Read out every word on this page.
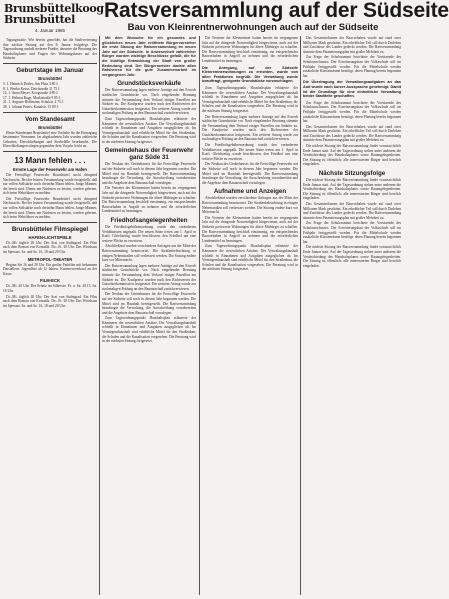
Brunsbüttelkoog
Brunsbüttel
4. Januar 1965
Ratsversammlung auf der Südseite
Bau von Kleinrentnerwohnungen auch auf der Südseite

Tagungsstätte. Wie bereits gemeldet, hat die Stadtvertretung ihre nächste Sitzung auf den 8. Januar festgelegt. Die Tagesordnung umfaßt mehrere Punkte, darunter die Beratung des Haushaltsplanes und Fragen des Wohnungsbaues auf der Südseite.

Geburtstage im Januar
Brunsbüttel
5. 1. Heinrich Detlev, Am Platz 3 80 J.
8. 1. Bertha Kruse, Deichstraße 11 75 J.
12. 1. Anna Meyer, Koogstraße 4 80 J.
17. 1. Helmut Ruge, Marktstraße 9 85 J.
21. 1. Auguste Hoffmann, Schulstr. 2 75 J.
28. 1. Johann Peters, Kanalstr. 15 80 J.
Vom Standesamt
Brunsbüttel

Heute Standesamt Brunsbüttel eine Vorliebe für die Eintragung bestimmter Vornamen. Im abgelaufenen Jahr wurden zahlreiche Geburten, Eheschließungen und Sterbefälle beurkundet. Die Eheschließungen stiegen gegenüber dem Vorjahr leicht an.

13 Mann fehlen . . .
Ernste Lage der Feuerwehr am Hafen

Die Freiwillige Feuerwehr Brunsbüttel sucht dringend Nachwuchs. Bei der letzten Versammlung wurde festgestellt, daß zur vollen Sollstärke noch dreizehn Mann fehlen. Junge Männer, die bereit sind, Dienst am Nächsten zu leisten, werden gebeten, sich beim Wehrführer zu melden.

Die Freiwillige Feuerwehr Brunsbüttel sucht dringend Nachwuchs. Bei der letzten Versammlung wurde festgestellt, daß zur vollen Sollstärke noch dreizehn Mann fehlen. Junge Männer, die bereit sind, Dienst am Nächsten zu leisten, werden gebeten, sich beim Wehrführer zu melden.

Brunsbütteler Filmspiegel
HAFEN-LICHTSPIELE

Di.–Mi. täglich 20 Uhr. Der Arzt von Stalingrad. Ein Film nach dem Roman von Konsalik. Do.–Fr. 20 Uhr: Das Wirtshaus im Spessart. Sa. und So. 16, 18 und 20 Uhr.

METROPOL-THEATER

Beginn Sie 16 und 20 Uhr. Ein großer Farbfilm mit bekannten Darstellern. Jugendfrei ab 12 Jahren. Kartenvorverkauf an der Kasse.

FILM-ECK

Di.–Mi. 20 Uhr. Der Schatz im Silbersee. Fr. u. Sa. 20.15, Sa. 16 Uhr.

Di.–Mi. täglich 20 Uhr. Der Arzt von Stalingrad. Ein Film nach dem Roman von Konsalik. Do.–Fr. 20 Uhr: Das Wirtshaus im Spessart. Sa. und So. 16, 18 und 20 Uhr.

Mit dem Wunsche für ein gesundes und glückliches neues Jahr eröffnete Bürgervorsteher die erste Sitzung der Ratsversammlung im neuen Jahr auf der Südseite. In Anwesenheit zahlreicher Bürger wurden wichtige Beschlüsse gefaßt, die für die künftige Entwicklung der Stadt von großer Bedeutung sind. Der Bürgermeister dankte allen Ratsherren für die gute Zusammenarbeit im vergangenen Jahr.

Grundstücksverkäufe

Der Ratsversammlung lagen mehrere Anträge auf den Erwerb städtischer Grundstücke vor. Nach eingehender Beratung stimmte die Versammlung dem Verkauf einiger Parzellen am Südufer zu. Die Kaufpreise wurden nach den Richtwerten der Gutachterkommission festgesetzt. Ein weiterer Antrag wurde zur nochmaligen Prüfung an den Bauausschuß zurückverwiesen.

Zum Tagesordnungspunkt Haushaltsplan erläuterte der Kämmerer die wesentlichen Ansätze. Der Verwaltungshaushalt schließt in Einnahmen und Ausgaben ausgeglichen ab. Im Vermögenshaushalt sind erhebliche Mittel für den Straßenbau, die Schulen und die Kanalisation vorgesehen. Die Beratung wird in der nächsten Sitzung fortgesetzt.

Gemeindehaus der Feuerwehr ganz Süde 31

Der Neubau des Gerätehauses für die Freiwillige Feuerwehr auf der Südseite soll noch in diesem Jahr begonnen werden. Die Mittel sind im Haushalt bereitgestellt. Die Ratsversammlung beauftragte die Verwaltung, die Ausschreibung vorzubereiten und die Angebote dem Bauausschuß vorzulegen.

Die Vertreter der Kleinrentner hatten bereits im vergangenen Jahr auf die dringende Notwendigkeit hingewiesen, auch auf der Südseite preiswerte Wohnungen für ältere Mitbürger zu schaffen. Die Ratsversammlung beschloß einstimmig, ein entsprechendes Bauvorhaben in Angriff zu nehmen und die erforderlichen Landesmittel zu beantragen.

Friedhofsangelegenheiten

Die Friedhofsgebührenordnung wurde den veränderten Verhältnissen angepaßt. Die neuen Sätze treten am 1. April in Kraft. Gleichzeitig wurde beschlossen, den Friedhof um eine weitere Fläche zu erweitern.

Abschließend wurden verschiedene Anfragen aus der Mitte der Ratsversammlung beantwortet. Die Straßenbeleuchtung in einigen Nebenstraßen soll verbessert werden. Die Sitzung endete kurz vor Mitternacht.

Der Ratsversammlung lagen mehrere Anträge auf den Erwerb städtischer Grundstücke vor. Nach eingehender Beratung stimmte die Versammlung dem Verkauf einiger Parzellen am Südufer zu. Die Kaufpreise wurden nach den Richtwerten der Gutachterkommission festgesetzt. Ein weiterer Antrag wurde zur nochmaligen Prüfung an den Bauausschuß zurückverwiesen.

Der Neubau des Gerätehauses für die Freiwillige Feuerwehr auf der Südseite soll noch in diesem Jahr begonnen werden. Die Mittel sind im Haushalt bereitgestellt. Die Ratsversammlung beauftragte die Verwaltung, die Ausschreibung vorzubereiten und die Angebote dem Bauausschuß vorzulegen.

Zum Tagesordnungspunkt Haushaltsplan erläuterte der Kämmerer die wesentlichen Ansätze. Der Verwaltungshaushalt schließt in Einnahmen und Ausgaben ausgeglichen ab. Im Vermögenshaushalt sind erhebliche Mittel für den Straßenbau, die Schulen und die Kanalisation vorgesehen. Die Beratung wird in der nächsten Sitzung fortgesetzt.

Die Vertreter der Kleinrentner hatten bereits im vergangenen Jahr auf die dringende Notwendigkeit hingewiesen, auch auf der Südseite preiswerte Wohnungen für ältere Mitbürger zu schaffen. Die Ratsversammlung beschloß einstimmig, ein entsprechendes Bauvorhaben in Angriff zu nehmen und die erforderlichen Landesmittel zu beantragen.

Die Anregung, auf der Südseite Kleinrentnerwohnungen zu errichten, wurde von allen Fraktionen begrüßt. Die Verwaltung wurde beauftragt, geeignete Grundstücke vorzuschlagen.

Zum Tagesordnungspunkt Haushaltsplan erläuterte der Kämmerer die wesentlichen Ansätze. Der Verwaltungshaushalt schließt in Einnahmen und Ausgaben ausgeglichen ab. Im Vermögenshaushalt sind erhebliche Mittel für den Straßenbau, die Schulen und die Kanalisation vorgesehen. Die Beratung wird in der nächsten Sitzung fortgesetzt.

Der Ratsversammlung lagen mehrere Anträge auf den Erwerb städtischer Grundstücke vor. Nach eingehender Beratung stimmte die Versammlung dem Verkauf einiger Parzellen am Südufer zu. Die Kaufpreise wurden nach den Richtwerten der Gutachterkommission festgesetzt. Ein weiterer Antrag wurde zur nochmaligen Prüfung an den Bauausschuß zurückverwiesen.

Die Friedhofsgebührenordnung wurde den veränderten Verhältnissen angepaßt. Die neuen Sätze treten am 1. April in Kraft. Gleichzeitig wurde beschlossen, den Friedhof um eine weitere Fläche zu erweitern.

Der Neubau des Gerätehauses für die Freiwillige Feuerwehr auf der Südseite soll noch in diesem Jahr begonnen werden. Die Mittel sind im Haushalt bereitgestellt. Die Ratsversammlung beauftragte die Verwaltung, die Ausschreibung vorzubereiten und die Angebote dem Bauausschuß vorzulegen.

Aufnahme und Anzeigen

Abschließend wurden verschiedene Anfragen aus der Mitte der Ratsversammlung beantwortet. Die Straßenbeleuchtung in einigen Nebenstraßen soll verbessert werden. Die Sitzung endete kurz vor Mitternacht.

Die Vertreter der Kleinrentner hatten bereits im vergangenen Jahr auf die dringende Notwendigkeit hingewiesen, auch auf der Südseite preiswerte Wohnungen für ältere Mitbürger zu schaffen. Die Ratsversammlung beschloß einstimmig, ein entsprechendes Bauvorhaben in Angriff zu nehmen und die erforderlichen Landesmittel zu beantragen.

Zum Tagesordnungspunkt Haushaltsplan erläuterte der Kämmerer die wesentlichen Ansätze. Der Verwaltungshaushalt schließt in Einnahmen und Ausgaben ausgeglichen ab. Im Vermögenshaushalt sind erhebliche Mittel für den Straßenbau, die Schulen und die Kanalisation vorgesehen. Die Beratung wird in der nächsten Sitzung fortgesetzt.

Das Gesamtvolumen der Bauvorhaben wurde auf rund zwei Millionen Mark geschätzt. Ein erheblicher Teil soll durch Darlehen und Zuschüsse des Landes gedeckt werden. Die Ratsversammlung stimmte dem Finanzierungsplan mit großer Mehrheit zu.

Zur Frage der Schulraumnot berichtete der Vorsitzende des Schulausschusses. Der Erweiterungsbau der Volksschule soll im Frühjahr fertiggestellt werden. Für die Mittelschule werden zusätzliche Klassenräume benötigt, deren Planung bereits begonnen hat.

Die Übertragung der Verwaltungsaufgaben an das Amt wurde nach kurzer Aussprache genehmigt. Damit ist die Grundlage für eine einheitliche Verwaltung beider Stadtteile geschaffen.

Zur Frage der Schulraumnot berichtete der Vorsitzende des Schulausschusses. Der Erweiterungsbau der Volksschule soll im Frühjahr fertiggestellt werden. Für die Mittelschule werden zusätzliche Klassenräume benötigt, deren Planung bereits begonnen hat.

Das Gesamtvolumen der Bauvorhaben wurde auf rund zwei Millionen Mark geschätzt. Ein erheblicher Teil soll durch Darlehen und Zuschüsse des Landes gedeckt werden. Die Ratsversammlung stimmte dem Finanzierungsplan mit großer Mehrheit zu.

Die nächste Sitzung der Ratsversammlung findet voraussichtlich Ende Januar statt. Auf der Tagesordnung stehen unter anderem die Verabschiedung des Haushaltsplanes sowie Bauangelegenheiten. Die Sitzung ist öffentlich; alle interessierten Bürger sind herzlich eingeladen.

Nächste Sitzungsfolge

Die nächste Sitzung der Ratsversammlung findet voraussichtlich Ende Januar statt. Auf der Tagesordnung stehen unter anderem die Verabschiedung des Haushaltsplanes sowie Bauangelegenheiten. Die Sitzung ist öffentlich; alle interessierten Bürger sind herzlich eingeladen.

Das Gesamtvolumen der Bauvorhaben wurde auf rund zwei Millionen Mark geschätzt. Ein erheblicher Teil soll durch Darlehen und Zuschüsse des Landes gedeckt werden. Die Ratsversammlung stimmte dem Finanzierungsplan mit großer Mehrheit zu.

Zur Frage der Schulraumnot berichtete der Vorsitzende des Schulausschusses. Der Erweiterungsbau der Volksschule soll im Frühjahr fertiggestellt werden. Für die Mittelschule werden zusätzliche Klassenräume benötigt, deren Planung bereits begonnen hat.

Die nächste Sitzung der Ratsversammlung findet voraussichtlich Ende Januar statt. Auf der Tagesordnung stehen unter anderem die Verabschiedung des Haushaltsplanes sowie Bauangelegenheiten. Die Sitzung ist öffentlich; alle interessierten Bürger sind herzlich eingeladen.
